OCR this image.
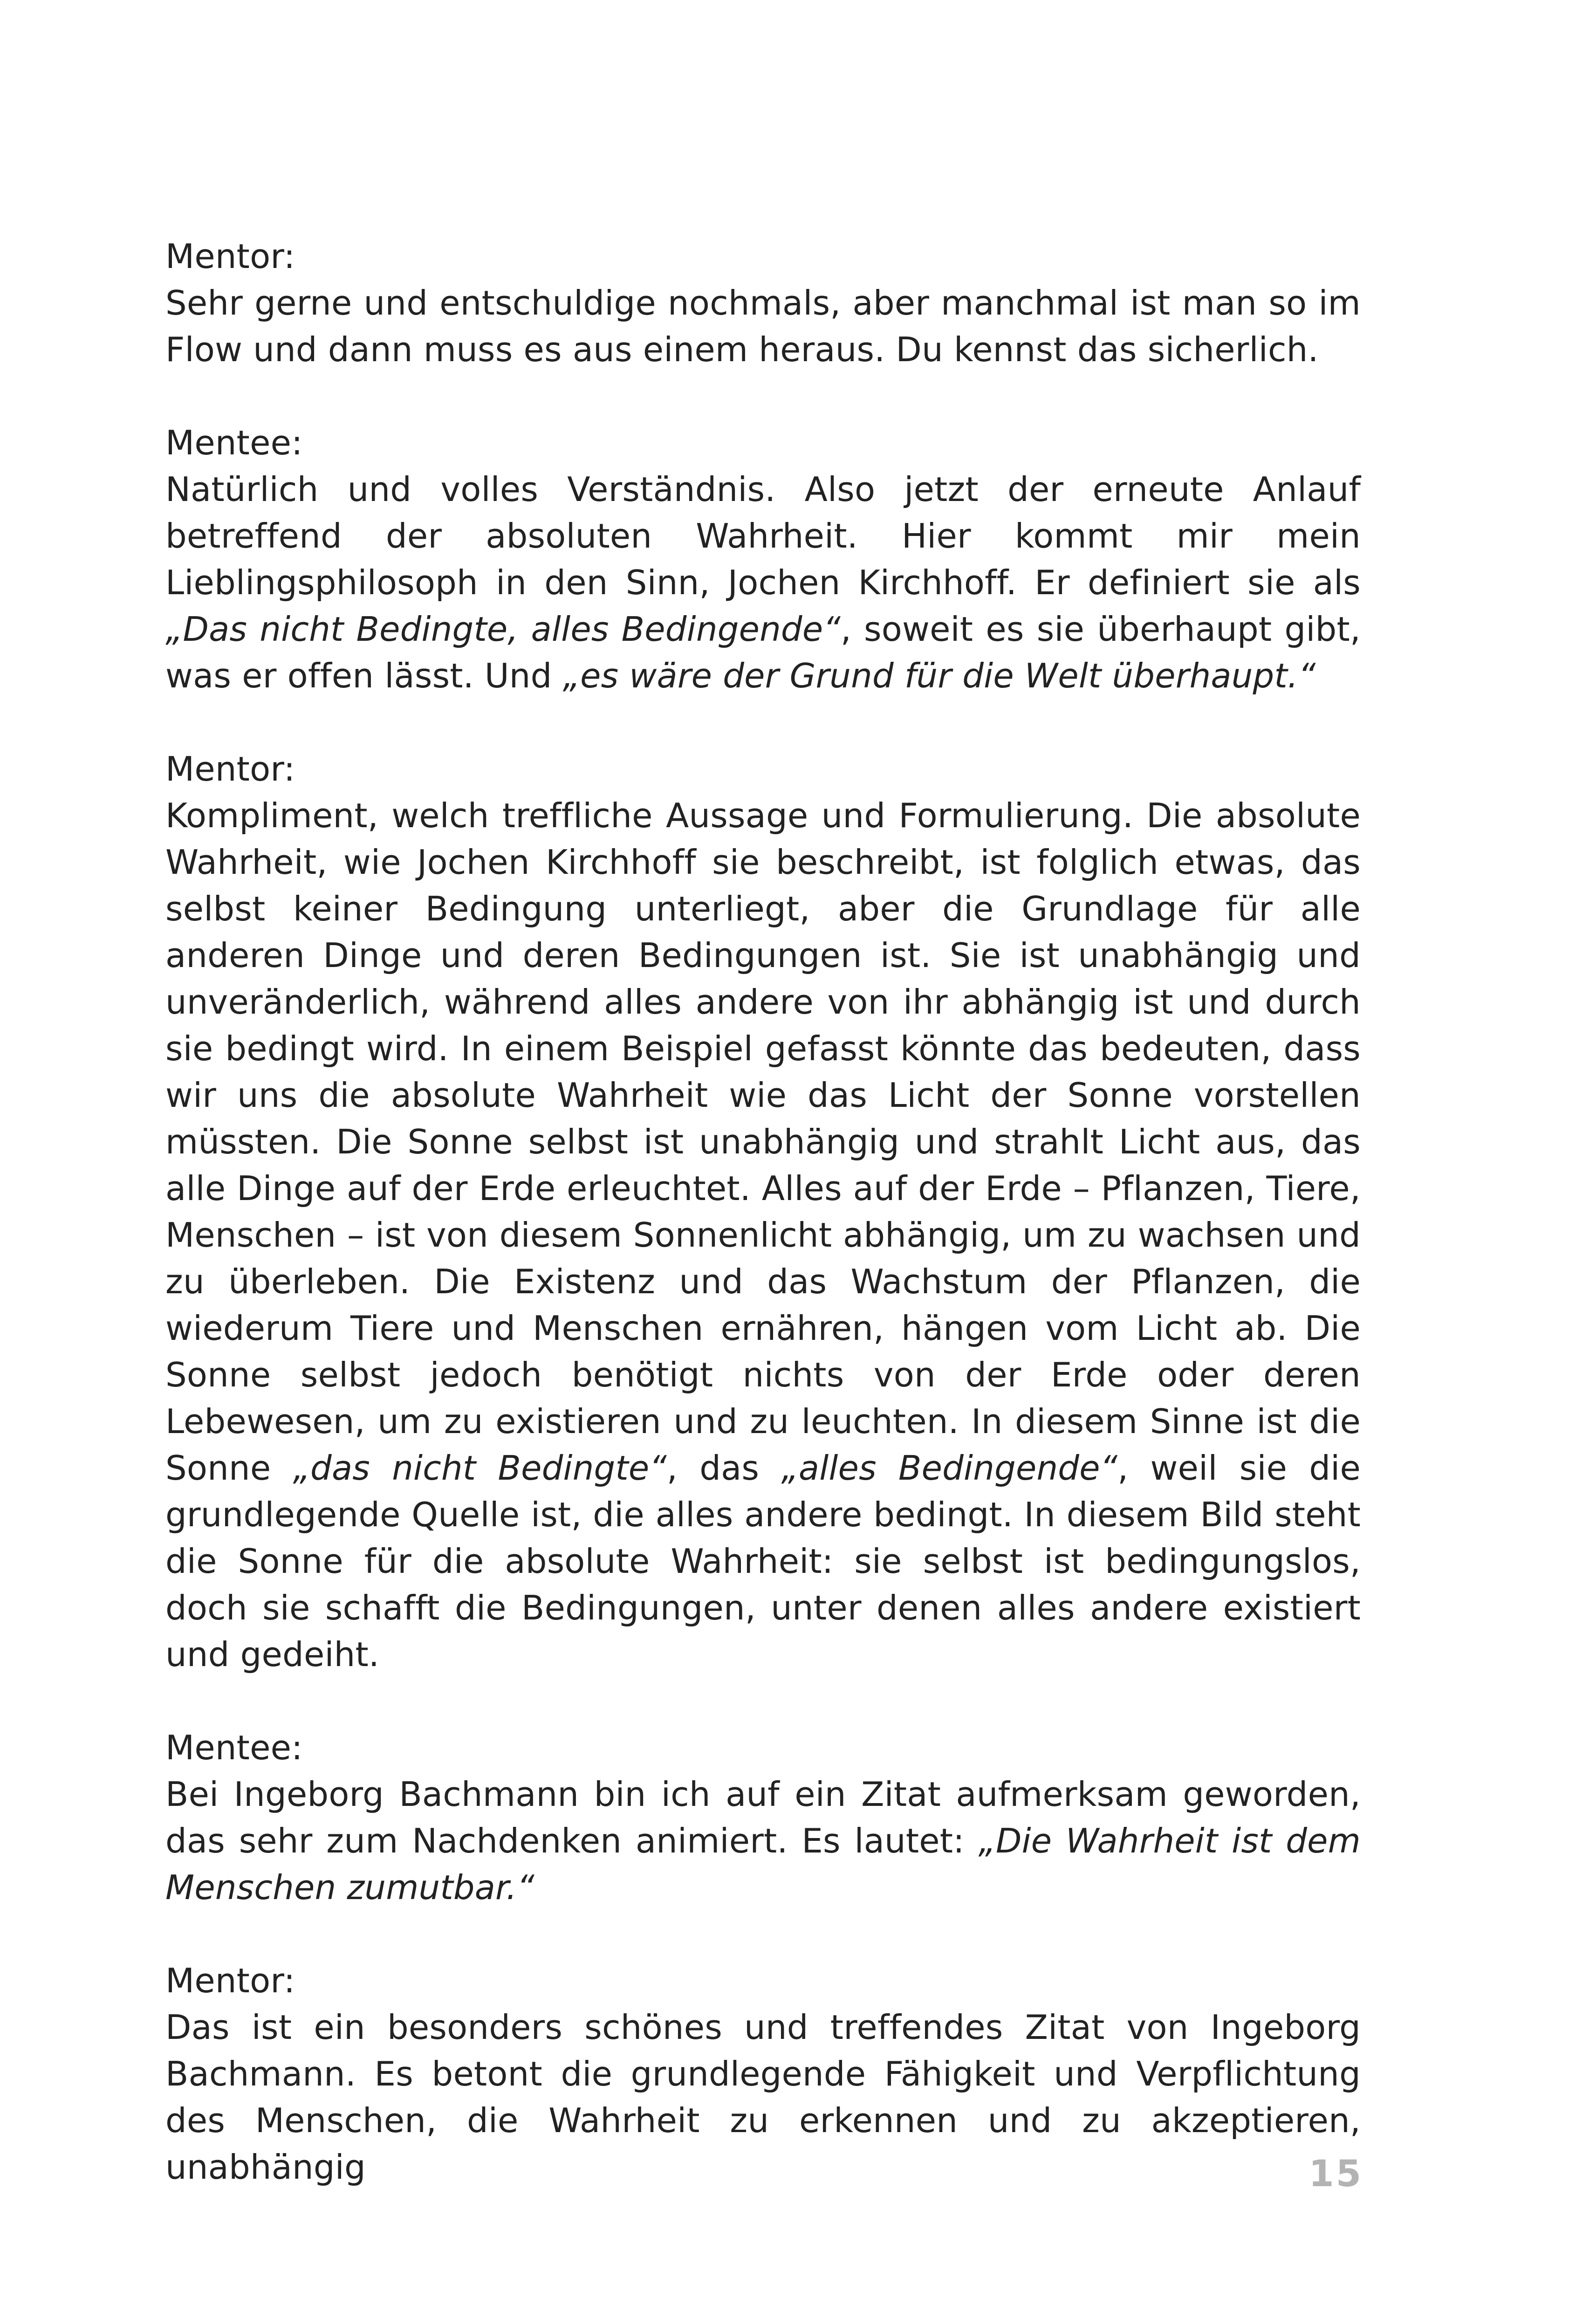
Mentor:
Sehr gerne und entschuldige nochmals, aber manchmal ist man so im Flow und dann muss es aus einem heraus. Du kennst das sicherlich.
Mentee:
Natürlich und volles Verständnis. Also jetzt der erneute Anlauf betreffend der absoluten Wahrheit. Hier kommt mir mein Lieblingsphilosoph in den Sinn, Jochen Kirchhoff. Er definiert sie als „Das nicht Bedingte, alles Bedingende“, soweit es sie überhaupt gibt, was er offen lässt. Und „es wäre der Grund für die Welt überhaupt.“
Mentor:
Kompliment, welch treffliche Aussage und Formulierung. Die absolute Wahrheit, wie Jochen Kirchhoff sie beschreibt, ist folglich etwas, das selbst keiner Bedingung unterliegt, aber die Grundlage für alle anderen Dinge und deren Bedingungen ist. Sie ist unabhängig und unveränderlich, während alles andere von ihr abhängig ist und durch sie bedingt wird. In einem Beispiel gefasst könnte das bedeuten, dass wir uns die absolute Wahrheit wie das Licht der Sonne vorstellen müssten. Die Sonne selbst ist unabhängig und strahlt Licht aus, das alle Dinge auf der Erde erleuchtet. Alles auf der Erde – Pflanzen, Tiere, Menschen – ist von diesem Sonnenlicht abhängig, um zu wachsen und zu überleben. Die Existenz und das Wachstum der Pflanzen, die wiederum Tiere und Menschen ernähren, hängen vom Licht ab. Die Sonne selbst jedoch benötigt nichts von der Erde oder deren Lebewesen, um zu existieren und zu leuchten. In diesem Sinne ist die Sonne „das nicht Bedingte“, das „alles Bedingende“, weil sie die grundlegende Quelle ist, die alles andere bedingt. In diesem Bild steht die Sonne für die absolute Wahrheit: sie selbst ist bedingungslos, doch sie schafft die Bedingungen, unter denen alles andere existiert und gedeiht.
Mentee:
Bei Ingeborg Bachmann bin ich auf ein Zitat aufmerksam geworden, das sehr zum Nachdenken animiert. Es lautet: „Die Wahrheit ist dem Menschen zumutbar.“
Mentor:
Das ist ein besonders schönes und treffendes Zitat von Ingeborg Bachmann. Es betont die grundlegende Fähigkeit und Verpflichtung des Menschen, die Wahrheit zu erkennen und zu akzeptieren, unabhängig	15
